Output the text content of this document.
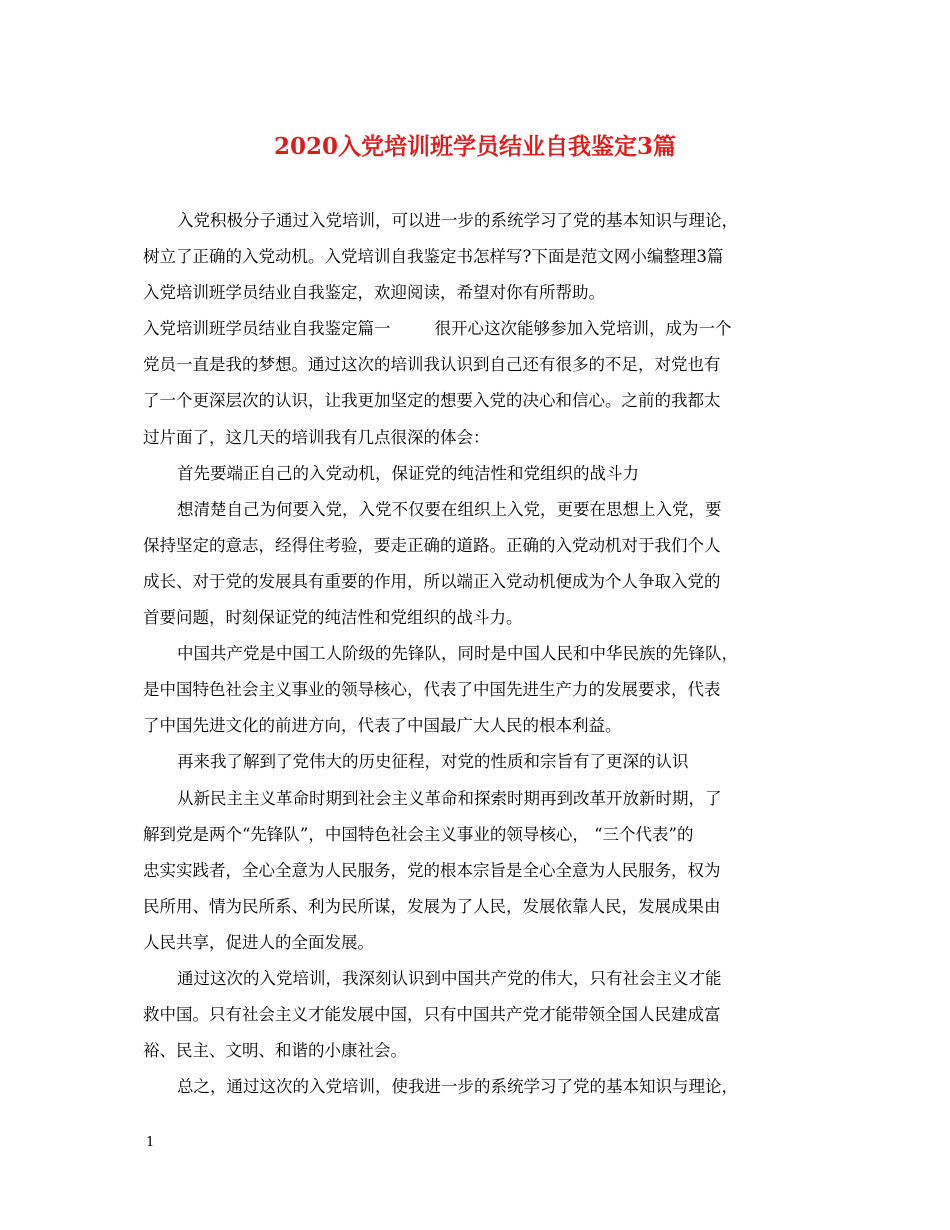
2020入党培训班学员结业自我鉴定3篇
入党积极分子通过入党培训，可以进一步的系统学习了党的基本知识与理论，
树立了正确的入党动机。入党培训自我鉴定书怎样写?下面是范文网小编整理3篇
入党培训班学员结业自我鉴定，欢迎阅读，希望对你有所帮助。
入党培训班学员结业自我鉴定篇一	很开心这次能够参加入党培训，成为一个
党员一直是我的梦想。通过这次的培训我认识到自己还有很多的不足，对党也有
了一个更深层次的认识，让我更加坚定的想要入党的决心和信心。之前的我都太
过片面了，这几天的培训我有几点很深的体会：
首先要端正自己的入党动机，保证党的纯洁性和党组织的战斗力
想清楚自己为何要入党，入党不仅要在组织上入党，更要在思想上入党，要
保持坚定的意志，经得住考验，要走正确的道路。正确的入党动机对于我们个人
成长、对于党的发展具有重要的作用，所以端正入党动机便成为个人争取入党的
首要问题，时刻保证党的纯洁性和党组织的战斗力。
中国共产党是中国工人阶级的先锋队，同时是中国人民和中华民族的先锋队，
是中国特色社会主义事业的领导核心，代表了中国先进生产力的发展要求，代表
了中国先进文化的前进方向，代表了中国最广大人民的根本利益。
再来我了解到了党伟大的历史征程，对党的性质和宗旨有了更深的认识
从新民主主义革命时期到社会主义革命和探索时期再到改革开放新时期，了
解到党是两个“先锋队”，中国特色社会主义事业的领导核心， “三个代表”的
忠实实践者，全心全意为人民服务，党的根本宗旨是全心全意为人民服务，权为
民所用、情为民所系、利为民所谋，发展为了人民，发展依靠人民，发展成果由
人民共享，促进人的全面发展。
通过这次的入党培训，我深刻认识到中国共产党的伟大，只有社会主义才能
救中国。只有社会主义才能发展中国，只有中国共产党才能带领全国人民建成富
裕、民主、文明、和谐的小康社会。
总之，通过这次的入党培训，使我进一步的系统学习了党的基本知识与理论，
1
